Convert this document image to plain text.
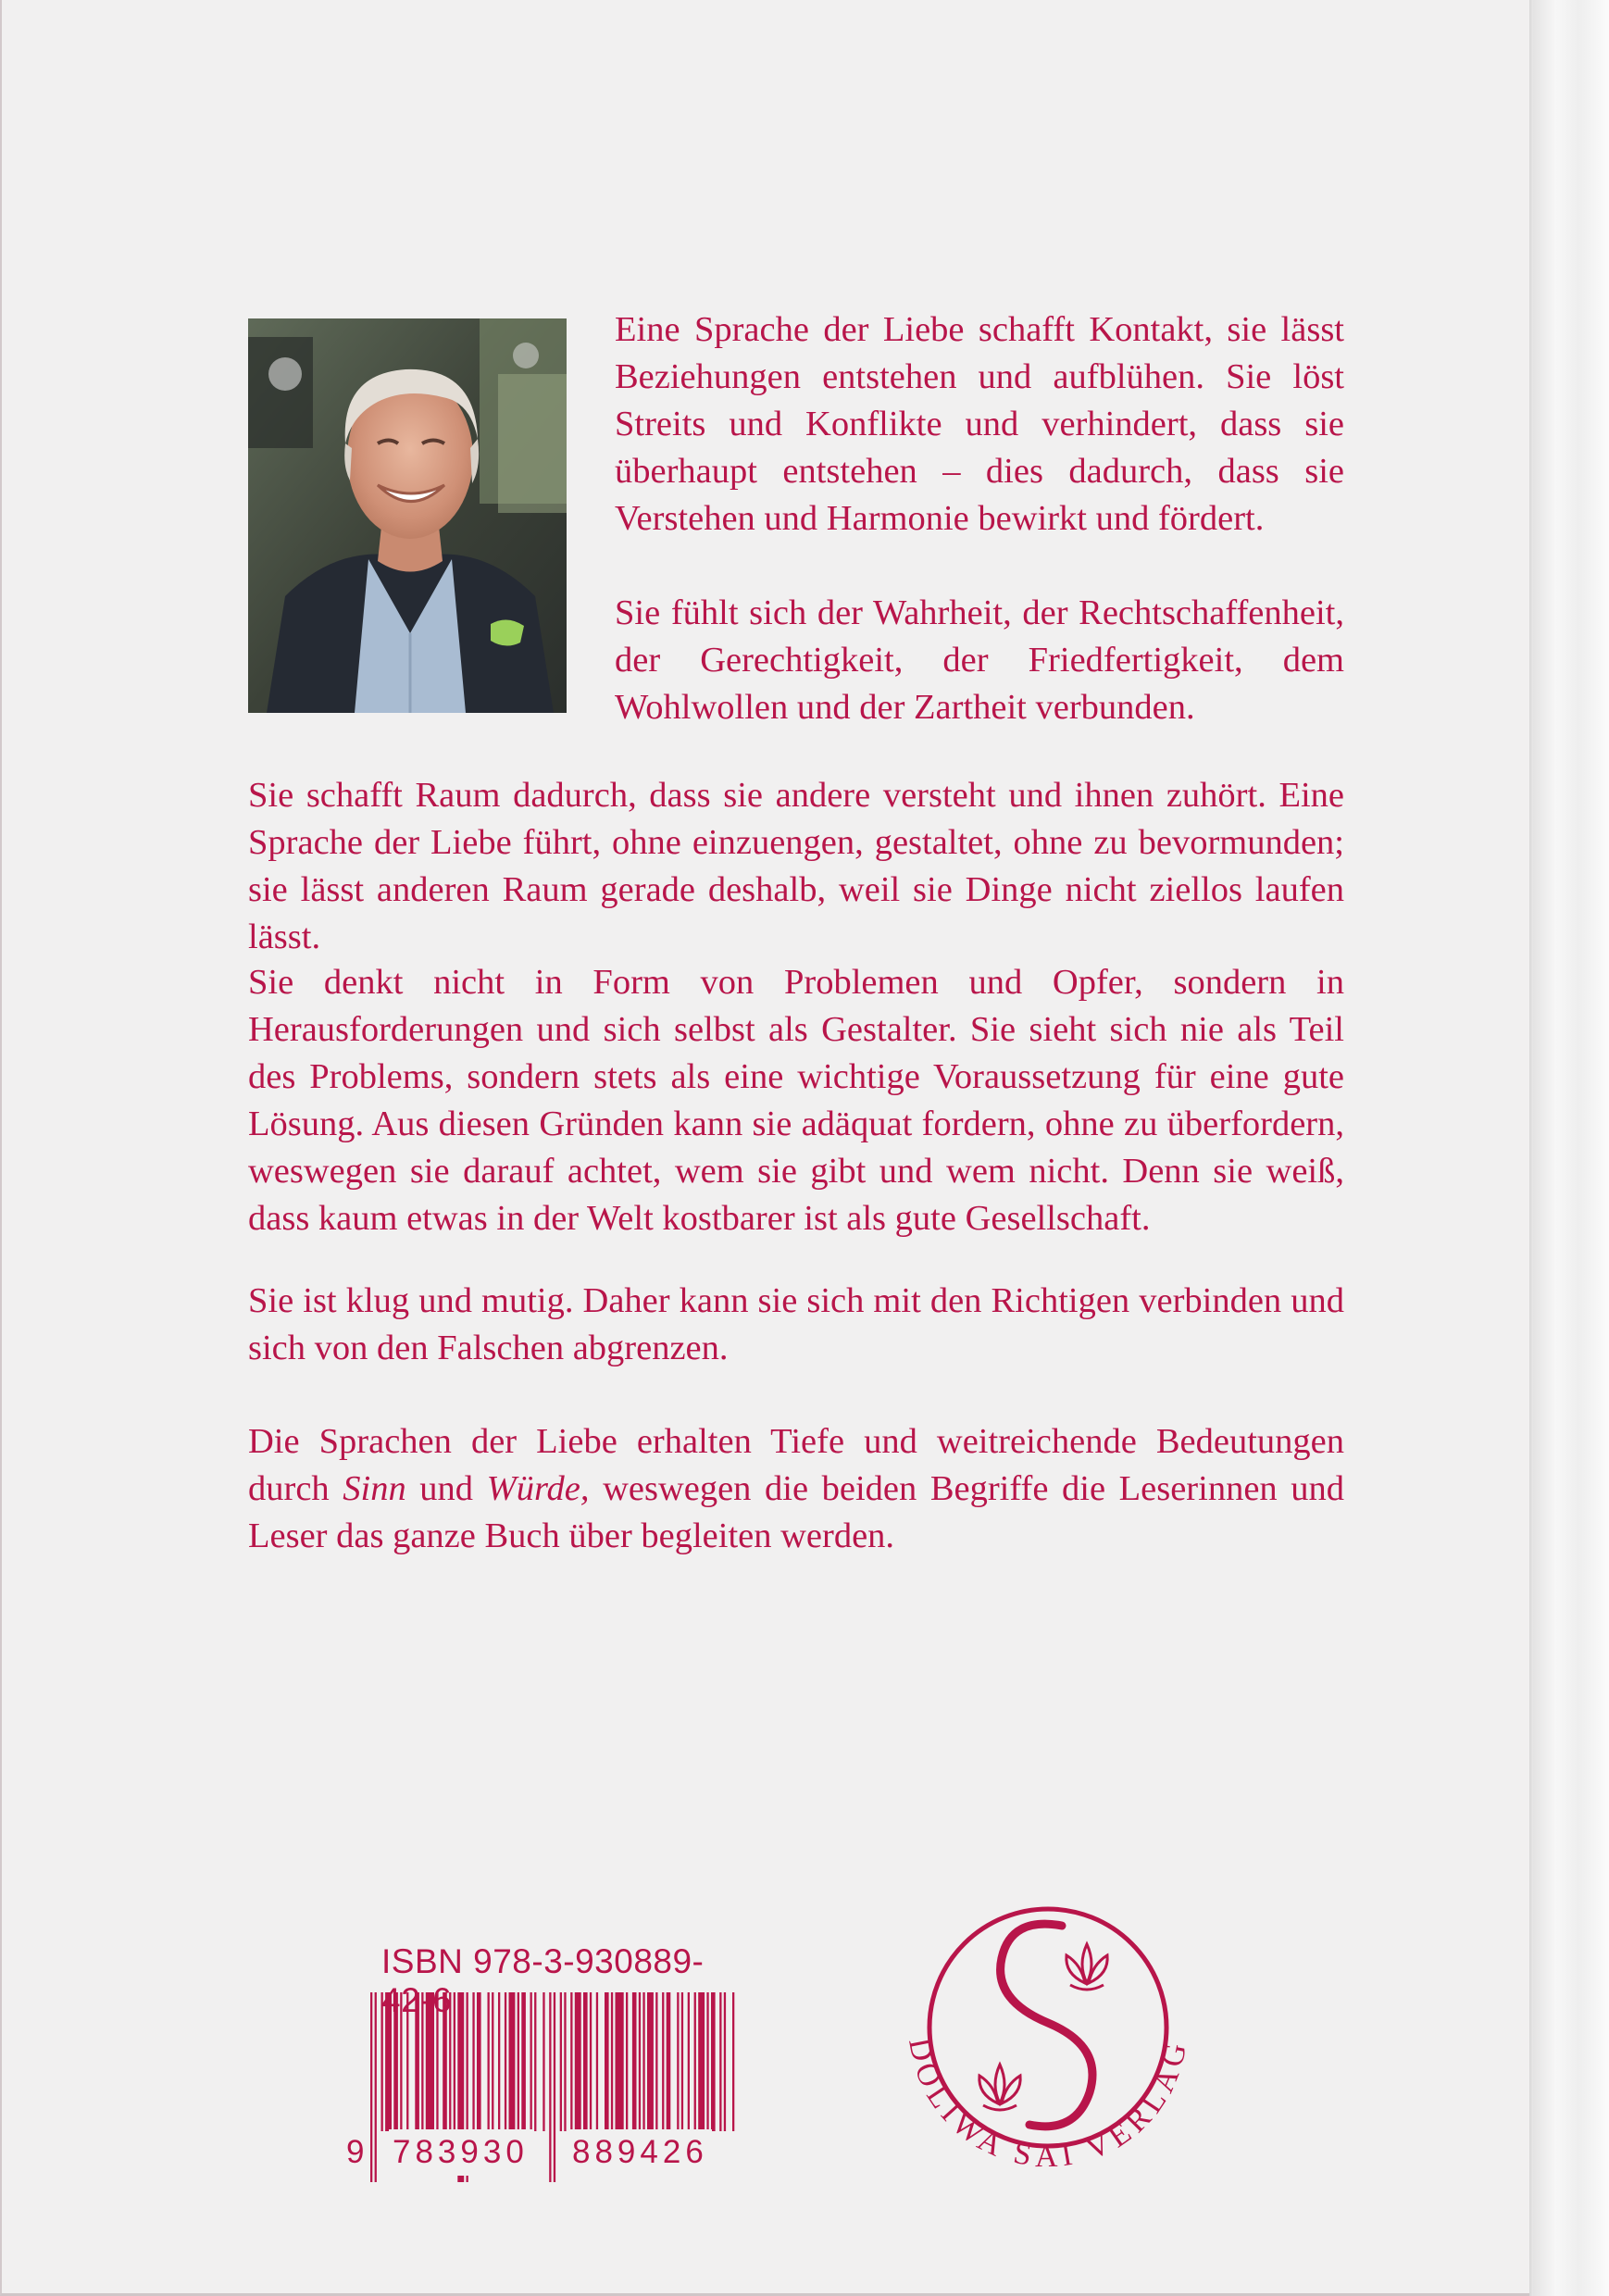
Eine Sprache der Liebe schafft Kontakt, sie lässt Beziehungen entstehen und aufblühen. Sie löst Streits und Konflikte und verhindert, dass sie überhaupt entstehen – dies dadurch, dass sie Verstehen und Harmonie bewirkt und fördert.

Sie fühlt sich der Wahrheit, der Rechtschaffenheit, der Gerechtigkeit, der Friedfertigkeit, dem Wohlwollen und der Zartheit verbunden.

Sie schafft Raum dadurch, dass sie andere versteht und ihnen zuhört. Eine Sprache der Liebe führt, ohne einzuengen, gestaltet, ohne zu bevormunden; sie lässt anderen Raum gerade deshalb, weil sie Dinge nicht ziellos laufen lässt.

Sie denkt nicht in Form von Problemen und Opfer, sondern in Herausforderungen und sich selbst als Gestalter. Sie sieht sich nie als Teil des Problems, sondern stets als eine wichtige Voraussetzung für eine gute Lösung. Aus diesen Gründen kann sie adäquat fordern, ohne zu überfordern, weswegen sie darauf achtet, wem sie gibt und wem nicht. Denn sie weiß, dass kaum etwas in der Welt kostbarer ist als gute Gesellschaft.

Sie ist klug und mutig. Daher kann sie sich mit den Richtigen verbinden und sich von den Falschen abgrenzen.

Die Sprachen der Liebe erhalten Tiefe und weitreichende Bedeutungen durch Sinn und Würde, weswegen die beiden Begriffe die Leserinnen und Leser das ganze Buch über begleiten werden.

ISBN 978-3-930889- 2-6
9 783930 889426
DOLIWA SAI VERLAG
